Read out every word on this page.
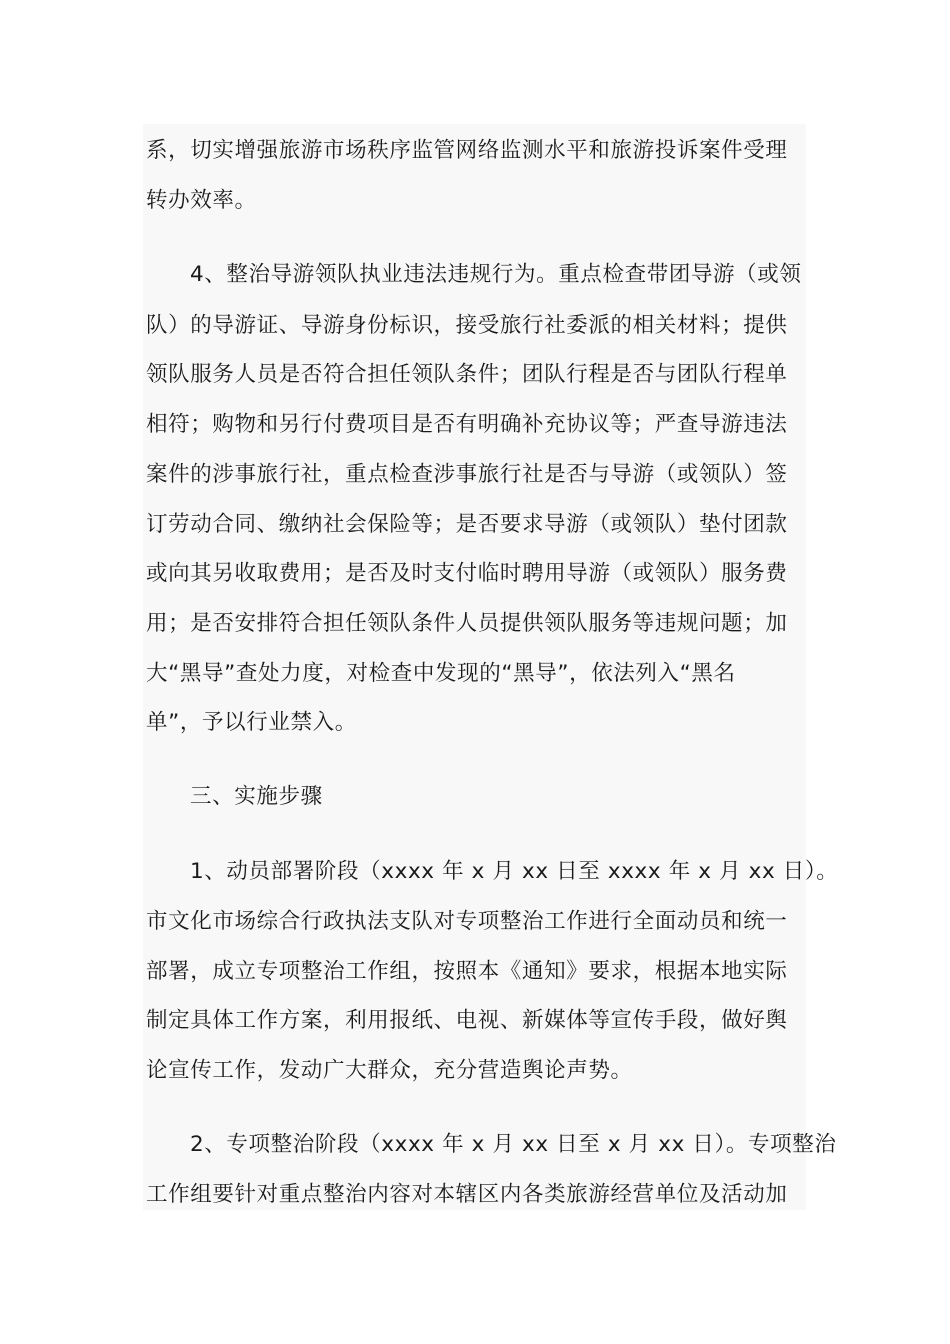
系，切实增强旅游市场秩序监管网络监测水平和旅游投诉案件受理
转办效率。
4、整治导游领队执业违法违规行为。重点检查带团导游（或领
队）的导游证、导游身份标识，接受旅行社委派的相关材料；提供
领队服务人员是否符合担任领队条件；团队行程是否与团队行程单
相符；购物和另行付费项目是否有明确补充协议等；严查导游违法
案件的涉事旅行社，重点检查涉事旅行社是否与导游（或领队）签
订劳动合同、缴纳社会保险等；是否要求导游（或领队）垫付团款
或向其另收取费用；是否及时支付临时聘用导游（或领队）服务费
用；是否安排符合担任领队条件人员提供领队服务等违规问题；加
大“黑导”查处力度，对检查中发现的“黑导”，依法列入“黑名
单”，予以行业禁入。
三、实施步骤
1、动员部署阶段（xxxx 年 x 月 xx 日至 xxxx 年 x 月 xx 日）。
市文化市场综合行政执法支队对专项整治工作进行全面动员和统一
部署，成立专项整治工作组，按照本《通知》要求，根据本地实际
制定具体工作方案，利用报纸、电视、新媒体等宣传手段，做好舆
论宣传工作，发动广大群众，充分营造舆论声势。
2、专项整治阶段（xxxx 年 x 月 xx 日至 x 月 xx 日）。专项整治
工作组要针对重点整治内容对本辖区内各类旅游经营单位及活动加
